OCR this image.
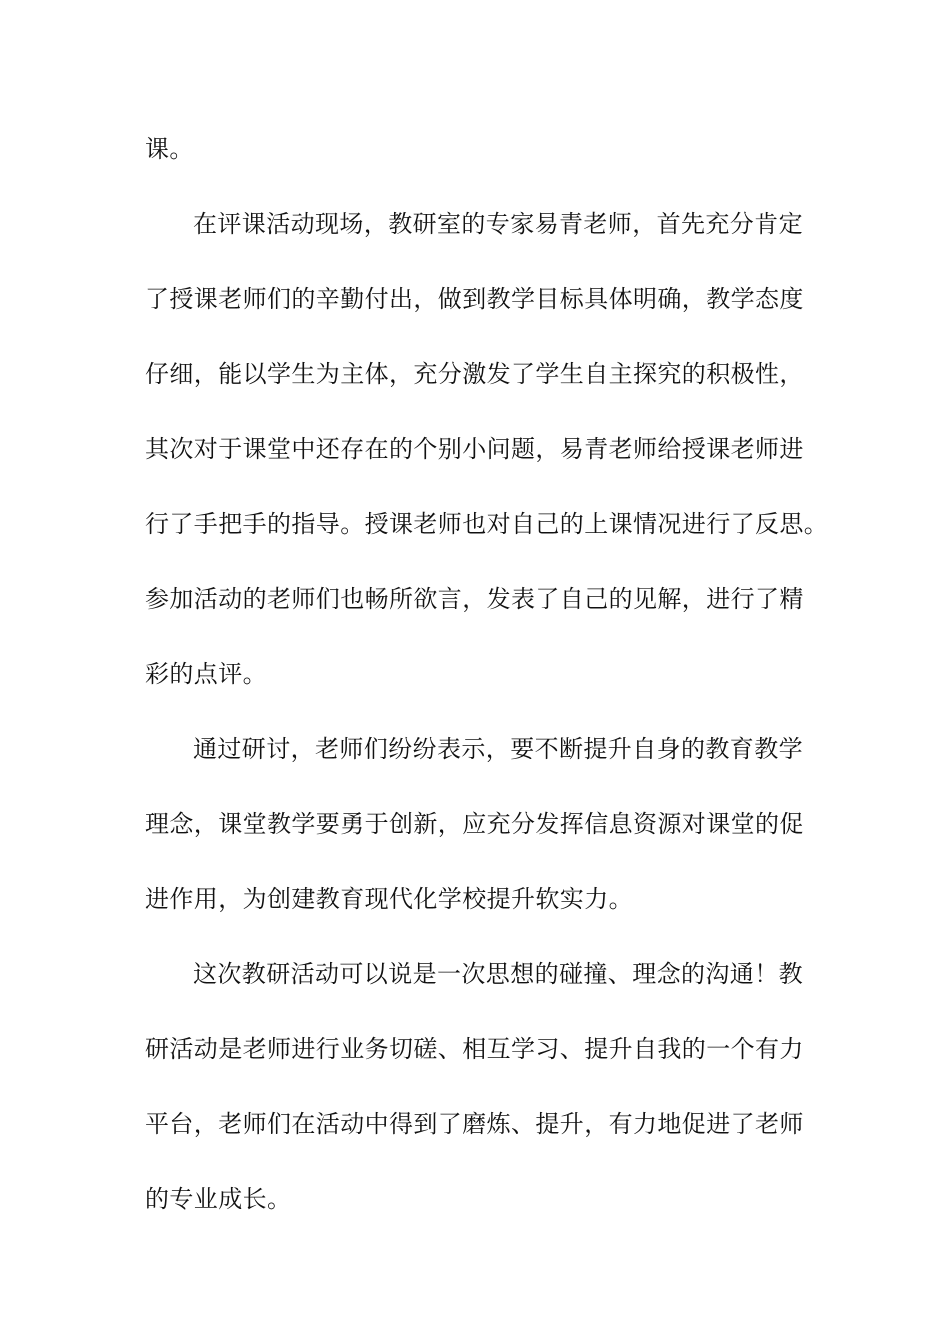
课。
在评课活动现场，教研室的专家易青老师，首先充分肯定
了授课老师们的辛勤付出，做到教学目标具体明确，教学态度
仔细，能以学生为主体，充分激发了学生自主探究的积极性，
其次对于课堂中还存在的个别小问题，易青老师给授课老师进
行了手把手的指导。授课老师也对自己的上课情况进行了反思。
参加活动的老师们也畅所欲言，发表了自己的见解，进行了精
彩的点评。
通过研讨，老师们纷纷表示，要不断提升自身的教育教学
理念，课堂教学要勇于创新，应充分发挥信息资源对课堂的促
进作用，为创建教育现代化学校提升软实力。
这次教研活动可以说是一次思想的碰撞、理念的沟通！教
研活动是老师进行业务切磋、相互学习、提升自我的一个有力
平台，老师们在活动中得到了磨炼、提升，有力地促进了老师
的专业成长。
